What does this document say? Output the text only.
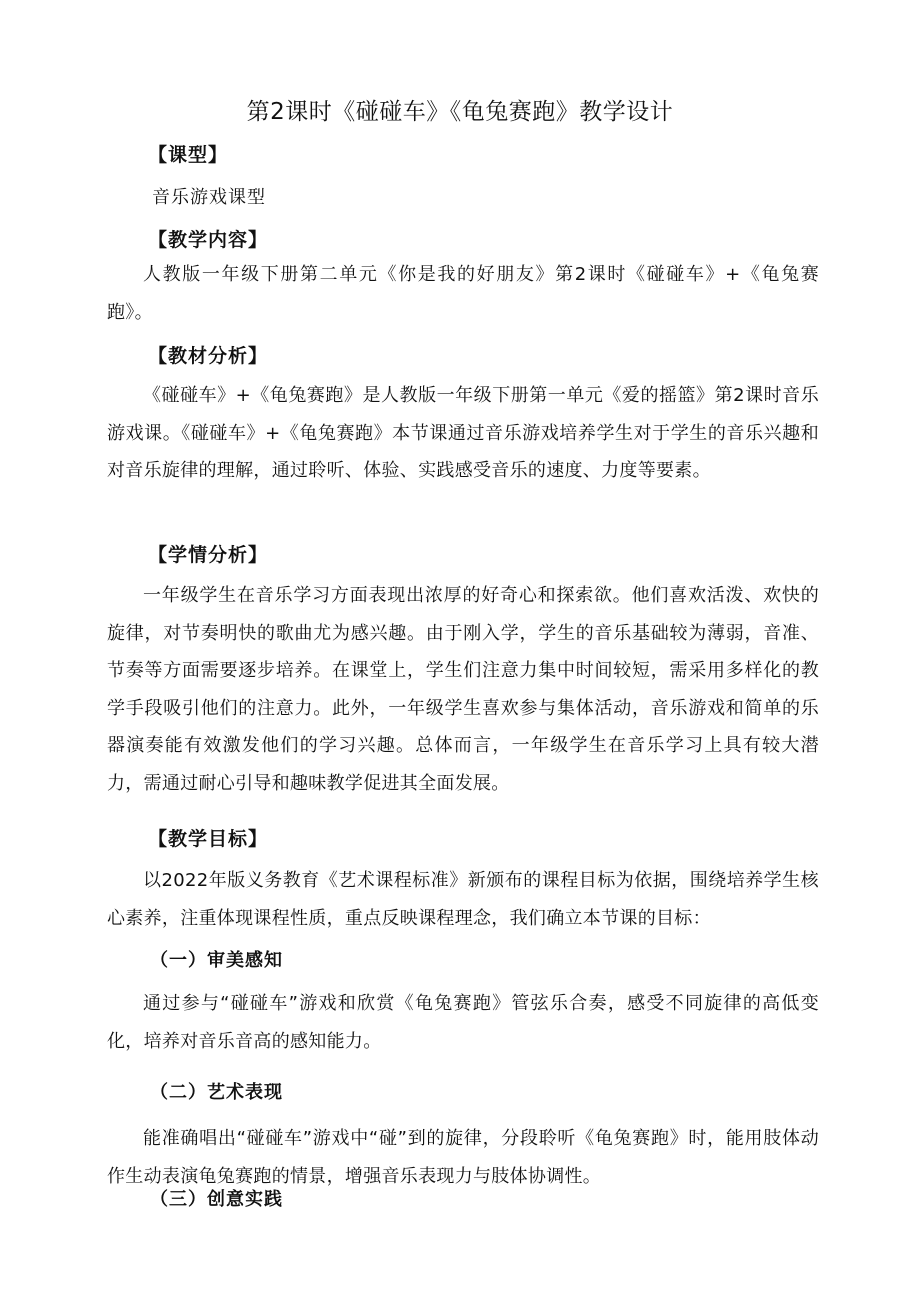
第2课时《碰碰车》《龟兔赛跑》教学设计
【课型】
音乐游戏课型
【教学内容】
人教版一年级下册第二单元《你是我的好朋友》第2课时《碰碰车》+《龟兔赛跑》。
【教材分析】
《碰碰车》+《龟兔赛跑》是人教版一年级下册第一单元《爱的摇篮》第2课时音乐游戏课。《碰碰车》+《龟兔赛跑》本节课通过音乐游戏培养学生对于学生的音乐兴趣和对音乐旋律的理解，通过聆听、体验、实践感受音乐的速度、力度等要素。
【学情分析】
一年级学生在音乐学习方面表现出浓厚的好奇心和探索欲。他们喜欢活泼、欢快的旋律，对节奏明快的歌曲尤为感兴趣。由于刚入学，学生的音乐基础较为薄弱，音准、节奏等方面需要逐步培养。在课堂上，学生们注意力集中时间较短，需采用多样化的教学手段吸引他们的注意力。此外，一年级学生喜欢参与集体活动，音乐游戏和简单的乐器演奏能有效激发他们的学习兴趣。总体而言，一年级学生在音乐学习上具有较大潜力，需通过耐心引导和趣味教学促进其全面发展。
【教学目标】
以2022年版义务教育《艺术课程标准》新颁布的课程目标为依据，围绕培养学生核心素养，注重体现课程性质，重点反映课程理念，我们确立本节课的目标：
（一）审美感知
通过参与“碰碰车”游戏和欣赏《龟兔赛跑》管弦乐合奏，感受不同旋律的高低变化，培养对音乐音高的感知能力。
（二）艺术表现
能准确唱出“碰碰车”游戏中“碰”到的旋律，分段聆听《龟兔赛跑》时，能用肢体动作生动表演龟兔赛跑的情景，增强音乐表现力与肢体协调性。
（三）创意实践
